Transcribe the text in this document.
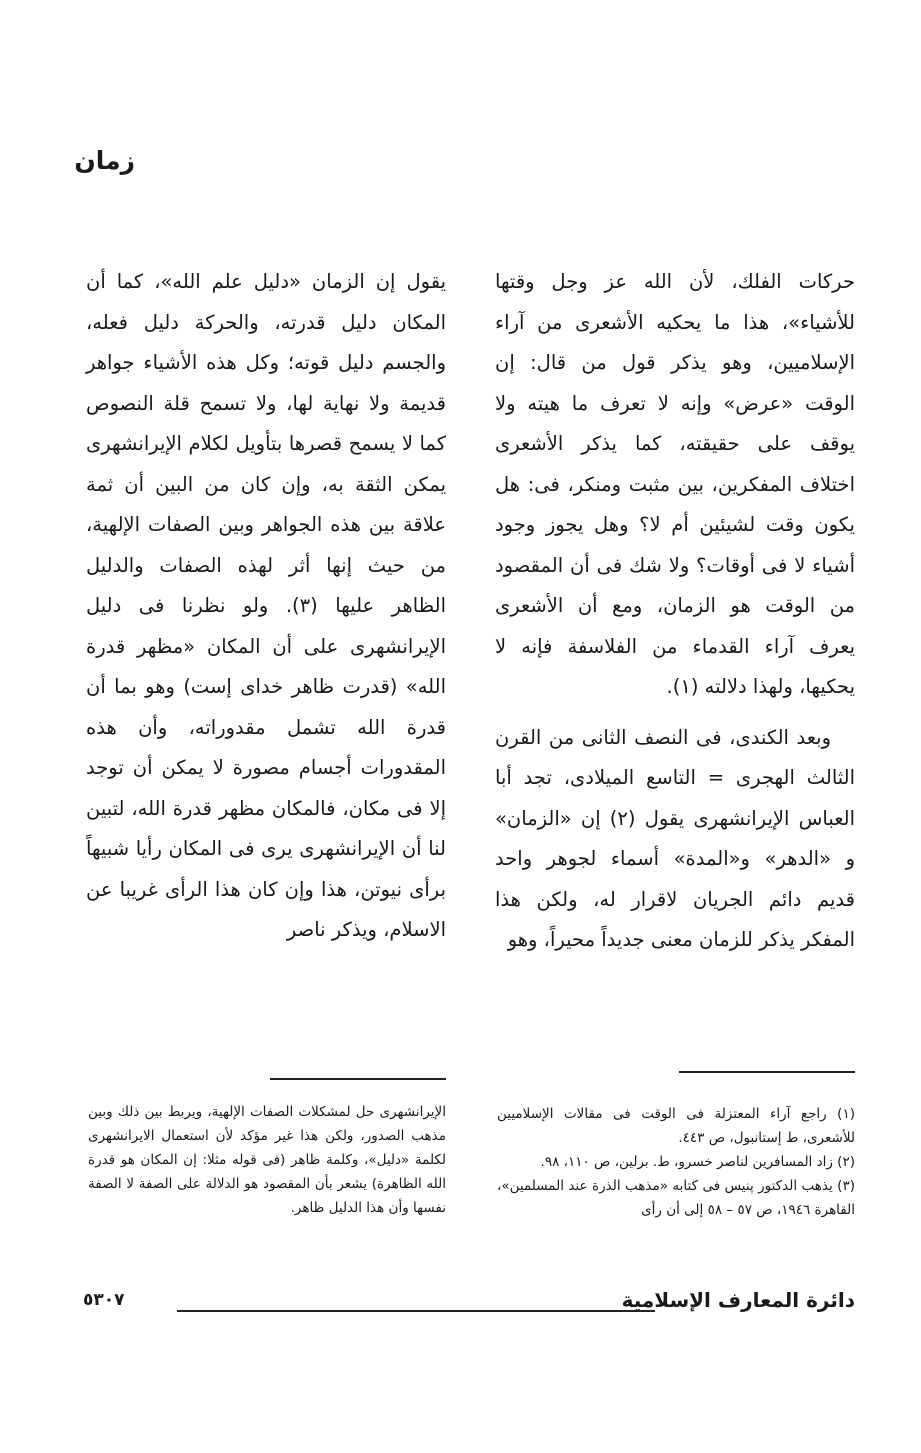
زمان

حركات الفلك، لأن الله عز وجل وقتها للأشياء»، هذا ما يحكيه الأشعرى من آراء الإسلاميين، وهو يذكر قول من قال: إن الوقت «عرض» وإنه لا تعرف ما هيته ولا يوقف على حقيقته، كما يذكر الأشعرى اختلاف المفكرين، بين مثبت ومنكر، فى: هل يكون وقت لشيئين أم لا؟ وهل يجوز وجود أشياء لا فى أوقات؟ ولا شك فى أن المقصود من الوقت هو الزمان، ومع أن الأشعرى يعرف آراء القدماء من الفلاسفة فإنه لا يحكيها، ولهذا دلالته (١).

وبعد الكندى، فى النصف الثانى من القرن الثالث الهجرى = التاسع الميلادى، تجد أبا العباس الإيرانشهرى يقول (٢) إن «الزمان» و «الدهر» و«المدة» أسماء لجوهر واحد قديم دائم الجريان لاقرار له، ولكن هذا المفكر يذكر للزمان معنى جديداً محيراً، وهو

يقول إن الزمان «دليل علم الله»، كما أن المكان دليل قدرته، والحركة دليل فعله، والجسم دليل قوته؛ وكل هذه الأشياء جواهر قديمة ولا نهاية لها، ولا تسمح قلة النصوص كما لا يسمح قصرها بتأويل لكلام الإيرانشهرى يمكن الثقة به، وإن كان من البين أن ثمة علاقة بين هذه الجواهر وبين الصفات الإلهية، من حيث إنها أثر لهذه الصفات والدليل الظاهر عليها (٣). ولو نظرنا فى دليل الإيرانشهرى على أن المكان «مظهر قدرة الله» (قدرت ظاهر خداى إست) وهو بما أن قدرة الله تشمل مقدوراته، وأن هذه المقدورات أجسام مصورة لا يمكن أن توجد إلا فى مكان، فالمكان مظهر قدرة الله، لتبين لنا أن الإيرانشهرى يرى فى المكان رأيا شبيهاً برأى نيوتن، هذا وإن كان هذا الرأى غريبا عن الاسلام، ويذكر ناصر

(١) راجع آراء المعتزلة فى الوقت فى مقالات الإسلاميين للأشعرى، ط إستانبول، ص ٤٤٣.

(٢) زاد المسافرين لناصر خسرو، ط. برلين، ص ١١٠، ٩٨.

(٣) يذهب الدكتور پنيس فى كتابه «مذهب الذرة عند المسلمين»، القاهرة ١٩٤٦، ص ٥٧ – ٥٨ إلى أن رأى

الإيرانشهرى حل لمشكلات الصفات الإلهية، ويربط بين ذلك وبين مذهب الصدور، ولكن هذا غير مؤكد لأن استعمال الايرانشهرى لكلمة «دليل»، وكلمة ظاهر (فى قوله مثلا: إن المكان هو قدرة الله الظاهرة) يشعر بأن المقصود هو الدلالة على الصفة لا الصفة نفسها وأن هذا الدليل ظاهر.

دائرة المعارف الإسلامية
٥٣٠٧
